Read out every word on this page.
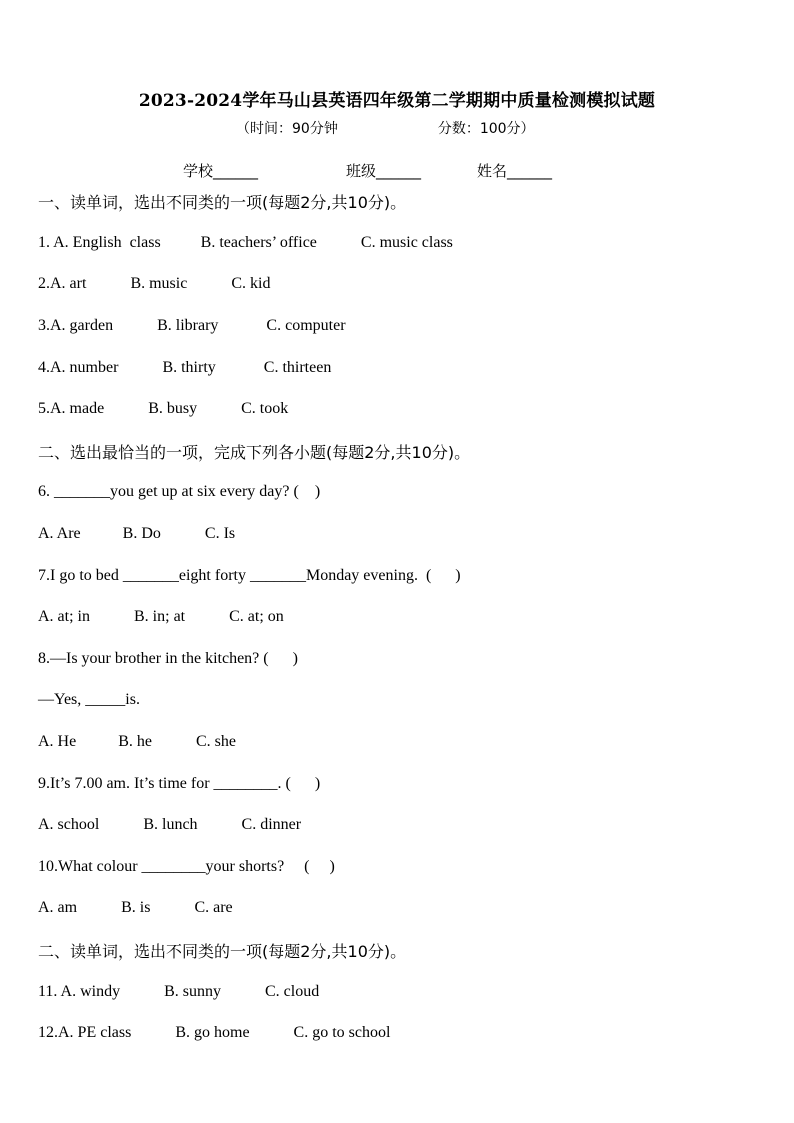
2023-2024学年马山县英语四年级第二学期期中质量检测模拟试题
（时间：90分钟	分数：100分）
学校______	班级______	姓名______
一、读单词，选出不同类的一项(每题2分,共10分)。
1. A. English  class	B. teachers’ office	C. music class
2.A. art	B. music	C. kid
3.A. garden	B. library	C. computer
4.A. number	B. thirty	C. thirteen
5.A. made	B. busy	C. took
二、选出最恰当的一项，完成下列各小题(每题2分,共10分)。
6. _______you get up at six every day? (    )
A. Are	B. Do	C. Is
7.I go to bed _______eight forty _______Monday evening.  (      )
A. at; in	B. in; at	C. at; on
8.—Is your brother in the kitchen? (      )
—Yes, _____is.
A. He	B. he	C. she
9.It’s 7.00 am. It’s time for ________. (      )
A. school	B. lunch	C. dinner
10.What colour ________your shorts?     (     )
A. am	B. is	C. are
二、读单词，选出不同类的一项(每题2分,共10分)。
11. A. windy	B. sunny	C. cloud
12.A. PE class	B. go home	C. go to school
